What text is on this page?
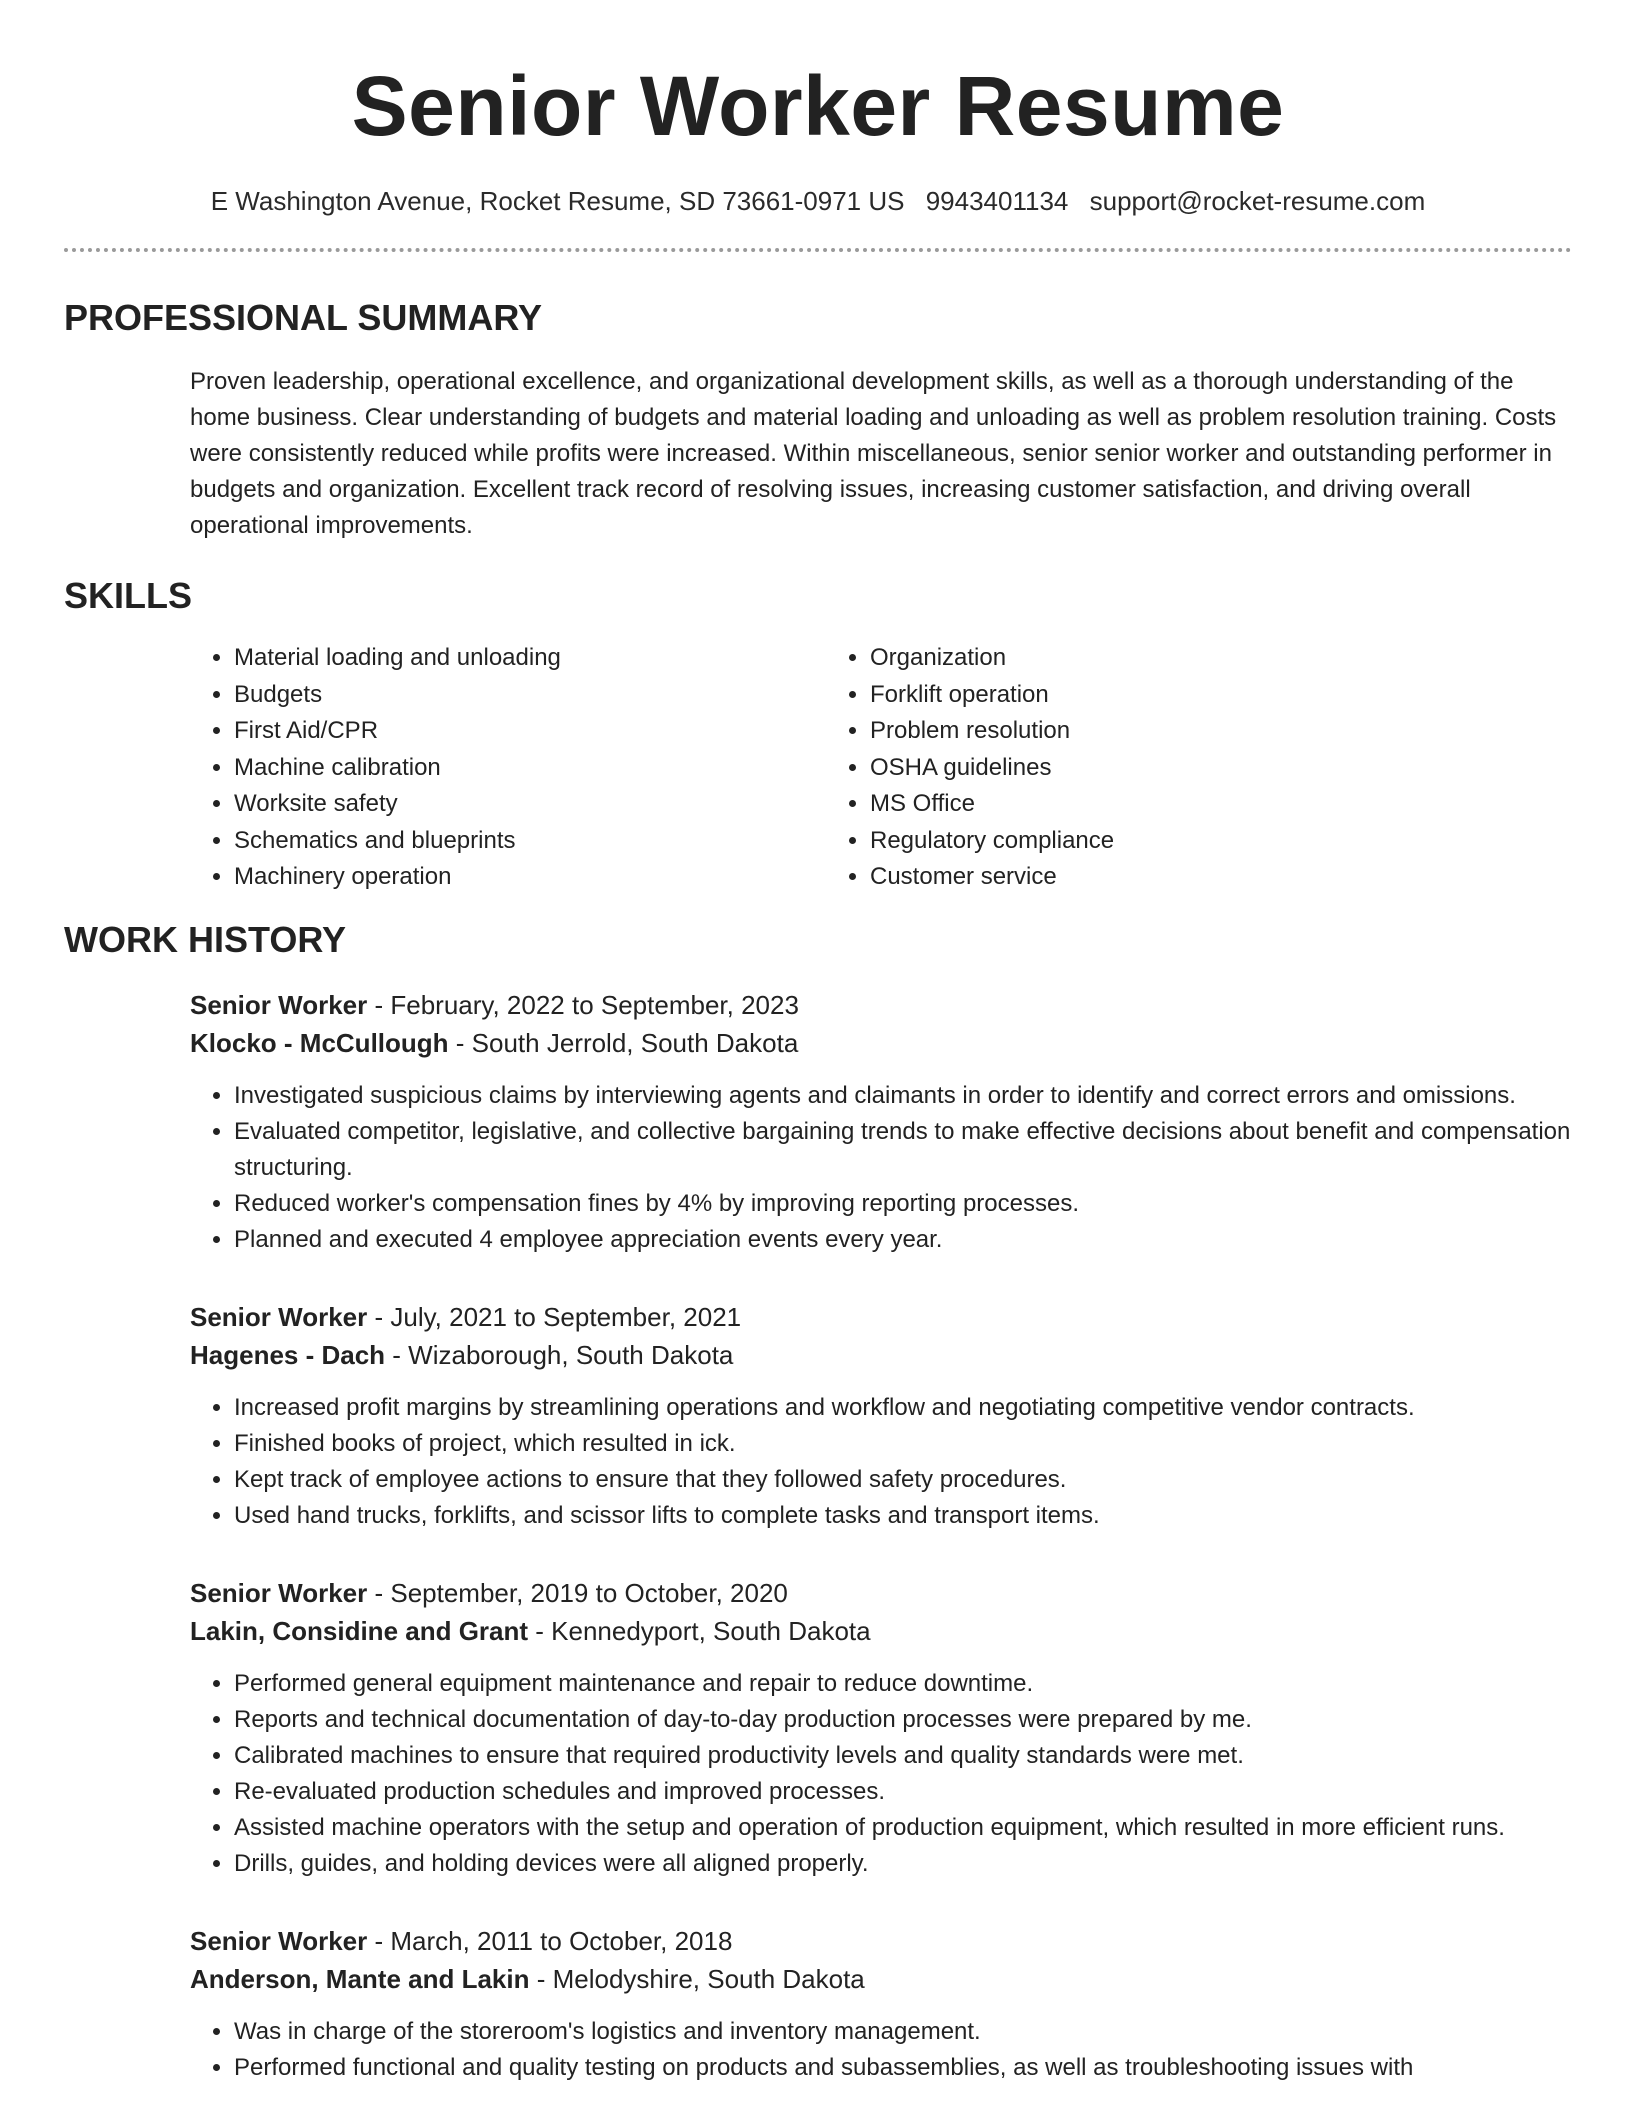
Senior Worker Resume
E Washington Avenue, Rocket Resume, SD 73661-0971 US 9943401134 support@rocket-resume.com
PROFESSIONAL SUMMARY

Proven leadership, operational excellence, and organizational development skills, as well as a thorough understanding of the home business. Clear understanding of budgets and material loading and unloading as well as problem resolution training. Costs were consistently reduced while profits were increased. Within miscellaneous, senior senior worker and outstanding performer in budgets and organization. Excellent track record of resolving issues, increasing customer satisfaction, and driving overall operational improvements.

SKILLS
• Material loading and unloading
• Budgets
• First Aid/CPR
• Machine calibration
• Worksite safety
• Schematics and blueprints
• Machinery operation
• Organization
• Forklift operation
• Problem resolution
• OSHA guidelines
• MS Office
• Regulatory compliance
• Customer service
WORK HISTORY
Senior Worker - February, 2022 to September, 2023
Klocko - McCullough - South Jerrold, South Dakota
• Investigated suspicious claims by interviewing agents and claimants in order to identify and correct errors and omissions.
• Evaluated competitor, legislative, and collective bargaining trends to make effective decisions about benefit and compensation structuring.
• Reduced worker's compensation fines by 4% by improving reporting processes.
• Planned and executed 4 employee appreciation events every year.
Senior Worker - July, 2021 to September, 2021
Hagenes - Dach - Wizaborough, South Dakota
• Increased profit margins by streamlining operations and workflow and negotiating competitive vendor contracts.
• Finished books of project, which resulted in ick.
• Kept track of employee actions to ensure that they followed safety procedures.
• Used hand trucks, forklifts, and scissor lifts to complete tasks and transport items.
Senior Worker - September, 2019 to October, 2020
Lakin, Considine and Grant - Kennedyport, South Dakota
• Performed general equipment maintenance and repair to reduce downtime.
• Reports and technical documentation of day-to-day production processes were prepared by me.
• Calibrated machines to ensure that required productivity levels and quality standards were met.
• Re-evaluated production schedules and improved processes.
• Assisted machine operators with the setup and operation of production equipment, which resulted in more efficient runs.
• Drills, guides, and holding devices were all aligned properly.
Senior Worker - March, 2011 to October, 2018
Anderson, Mante and Lakin - Melodyshire, South Dakota
• Was in charge of the storeroom's logistics and inventory management.
• Performed functional and quality testing on products and subassemblies, as well as troubleshooting issues with
